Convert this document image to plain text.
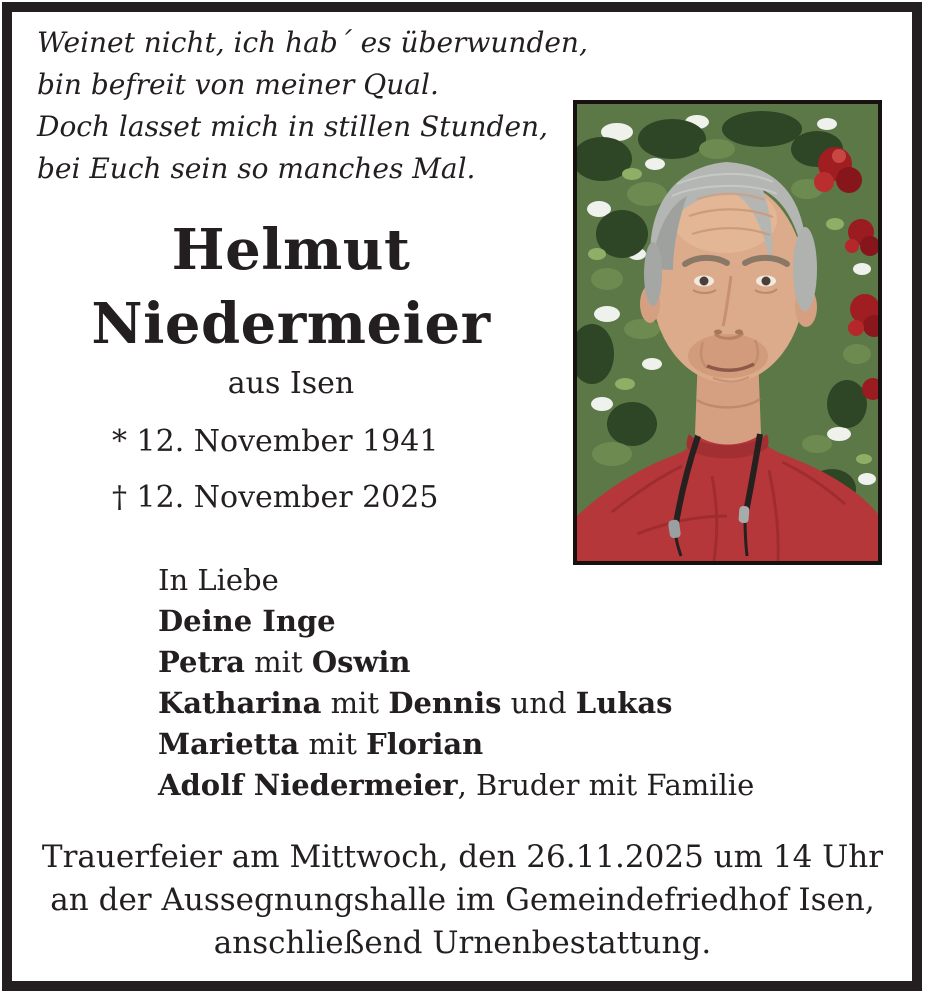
Weinet nicht, ich hab´ es überwunden,
bin befreit von meiner Qual.
Doch lasset mich in stillen Stunden,
bei Euch sein so manches Mal.
Helmut
Niedermeier
aus Isen
* 12. November 1941
† 12. November 2025
In Liebe
Deine Inge
Petra mit Oswin
Katharina mit Dennis und Lukas
Marietta mit Florian
Adolf Niedermeier, Bruder mit Familie
Trauerfeier am Mittwoch, den 26.11.2025 um 14 Uhr
an der Aussegnungshalle im Gemeindefriedhof Isen,
anschließend Urnenbestattung.
